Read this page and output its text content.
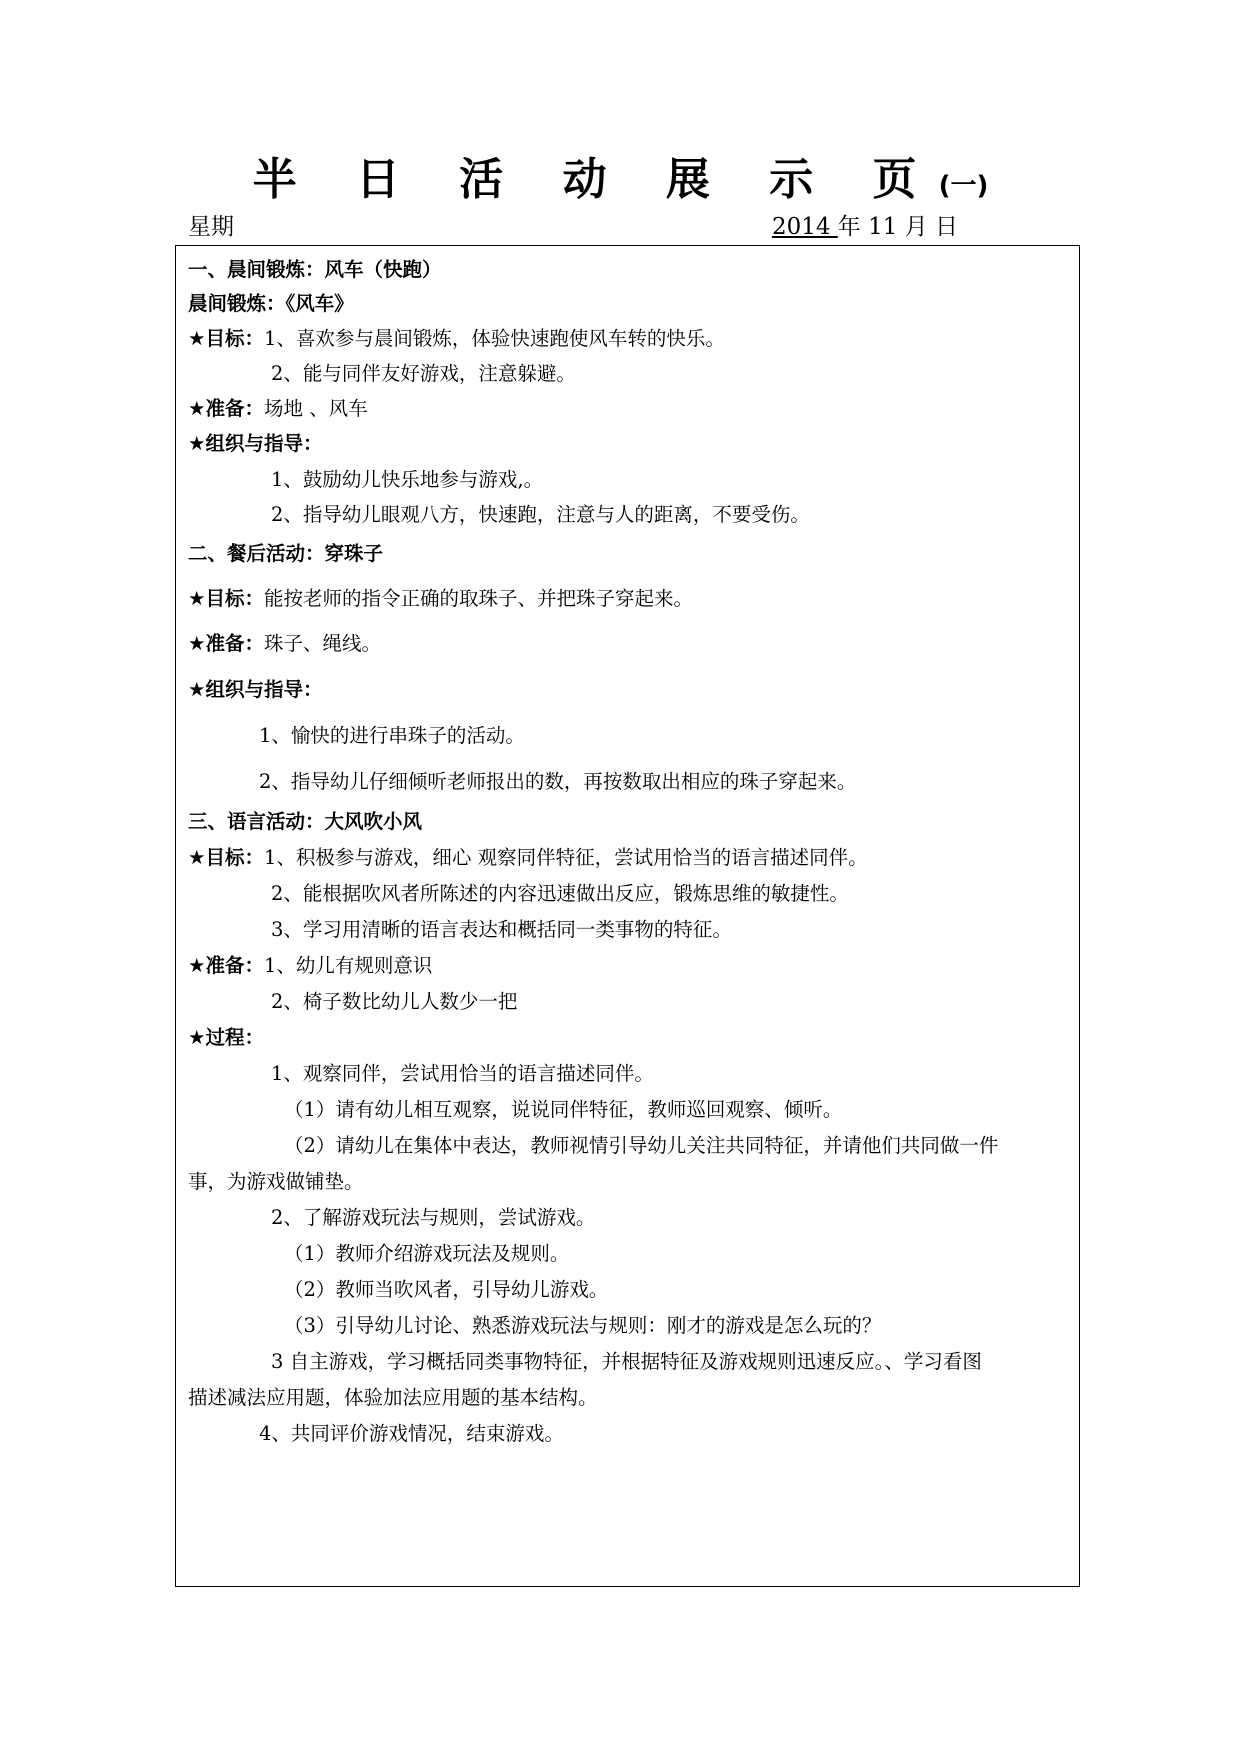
半 日 活 动 展 示 页(一)
星期	2014 年 11 月 日
一、晨间锻炼：风车（快跑）
晨间锻炼：《风车》
★目标：1、喜欢参与晨间锻炼，体验快速跑使风车转的快乐。
2、能与同伴友好游戏，注意躲避。
★准备：场地 、风车
★组织与指导：
1、鼓励幼儿快乐地参与游戏,。
2、指导幼儿眼观八方，快速跑，注意与人的距离，不要受伤。
二、餐后活动：穿珠子
★目标：能按老师的指令正确的取珠子、并把珠子穿起来。
★准备：珠子、绳线。
★组织与指导：
1、愉快的进行串珠子的活动。
2、指导幼儿仔细倾听老师报出的数，再按数取出相应的珠子穿起来。
三、语言活动：大风吹小风
★目标：1、积极参与游戏，细心 观察同伴特征，尝试用恰当的语言描述同伴。
2、能根据吹风者所陈述的内容迅速做出反应，锻炼思维的敏捷性。
3、学习用清晰的语言表达和概括同一类事物的特征。
★准备：1、幼儿有规则意识
2、椅子数比幼儿人数少一把
★过程：
1、观察同伴，尝试用恰当的语言描述同伴。
（1）请有幼儿相互观察，说说同伴特征，教师巡回观察、倾听。
（2）请幼儿在集体中表达，教师视情引导幼儿关注共同特征，并请他们共同做一件
事，为游戏做铺垫。
2、了解游戏玩法与规则，尝试游戏。
（1）教师介绍游戏玩法及规则。
（2）教师当吹风者，引导幼儿游戏。
（3）引导幼儿讨论、熟悉游戏玩法与规则：刚才的游戏是怎么玩的？
3 自主游戏，学习概括同类事物特征，并根据特征及游戏规则迅速反应。、学习看图
描述减法应用题，体验加法应用题的基本结构。
4、共同评价游戏情况，结束游戏。
